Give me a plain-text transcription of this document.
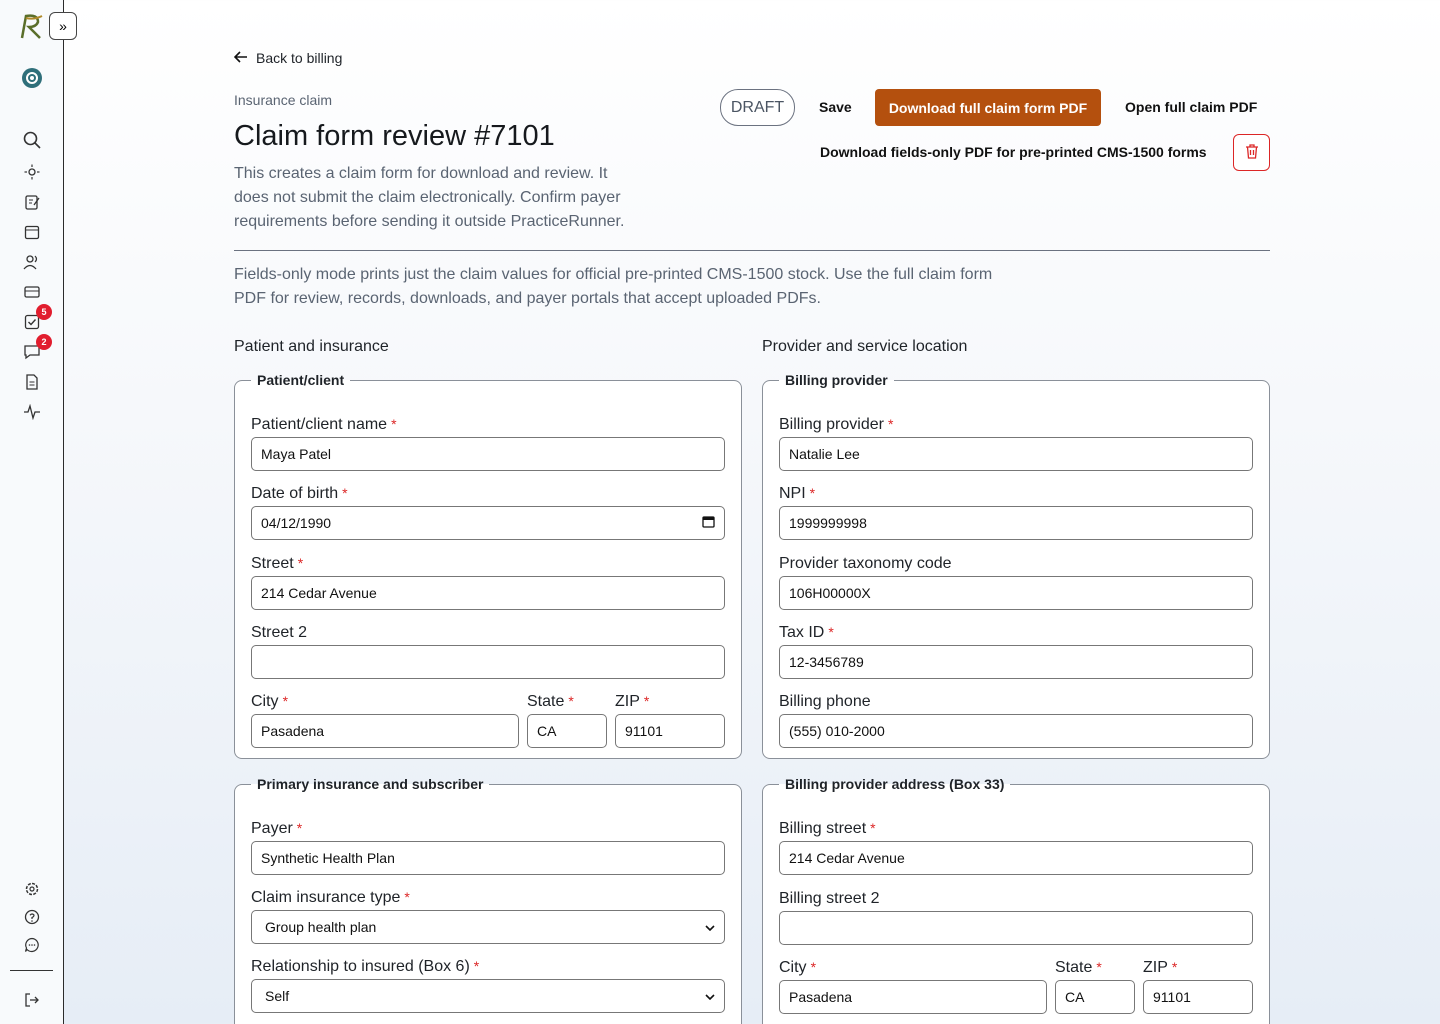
»
5
2
Back to billing
Insurance claim
Claim form review #7101

This creates a claim form for download and review. It does not submit the claim electronically. Confirm payer requirements before sending it outside PracticeRunner.

DRAFT	Save	Download full claim form PDF	Open full claim PDF
Download fields-only PDF for pre-printed CMS-1500 forms

Fields-only mode prints just the claim values for official pre-printed CMS-1500 stock. Use the full claim form PDF for review, records, downloads, and payer portals that accept uploaded PDFs.

Patient and insurance	Provider and service location
Patient/client
Patient/client name *
Maya Patel
Date of birth *
04/12/1990
Street *
214 Cedar Avenue
Street 2
City *
Pasadena
State *
CA
ZIP *
91101
Primary insurance and subscriber
Payer *
Synthetic Health Plan
Claim insurance type *
Group health plan
Relationship to insured (Box 6) *
Self
Billing provider
Billing provider *
Natalie Lee
NPI *
1999999998
Provider taxonomy code
106H00000X
Tax ID *
12-3456789
Billing phone
(555) 010-2000
Billing provider address (Box 33)
Billing street *
214 Cedar Avenue
Billing street 2
City *
Pasadena
State *
CA
ZIP *
91101
